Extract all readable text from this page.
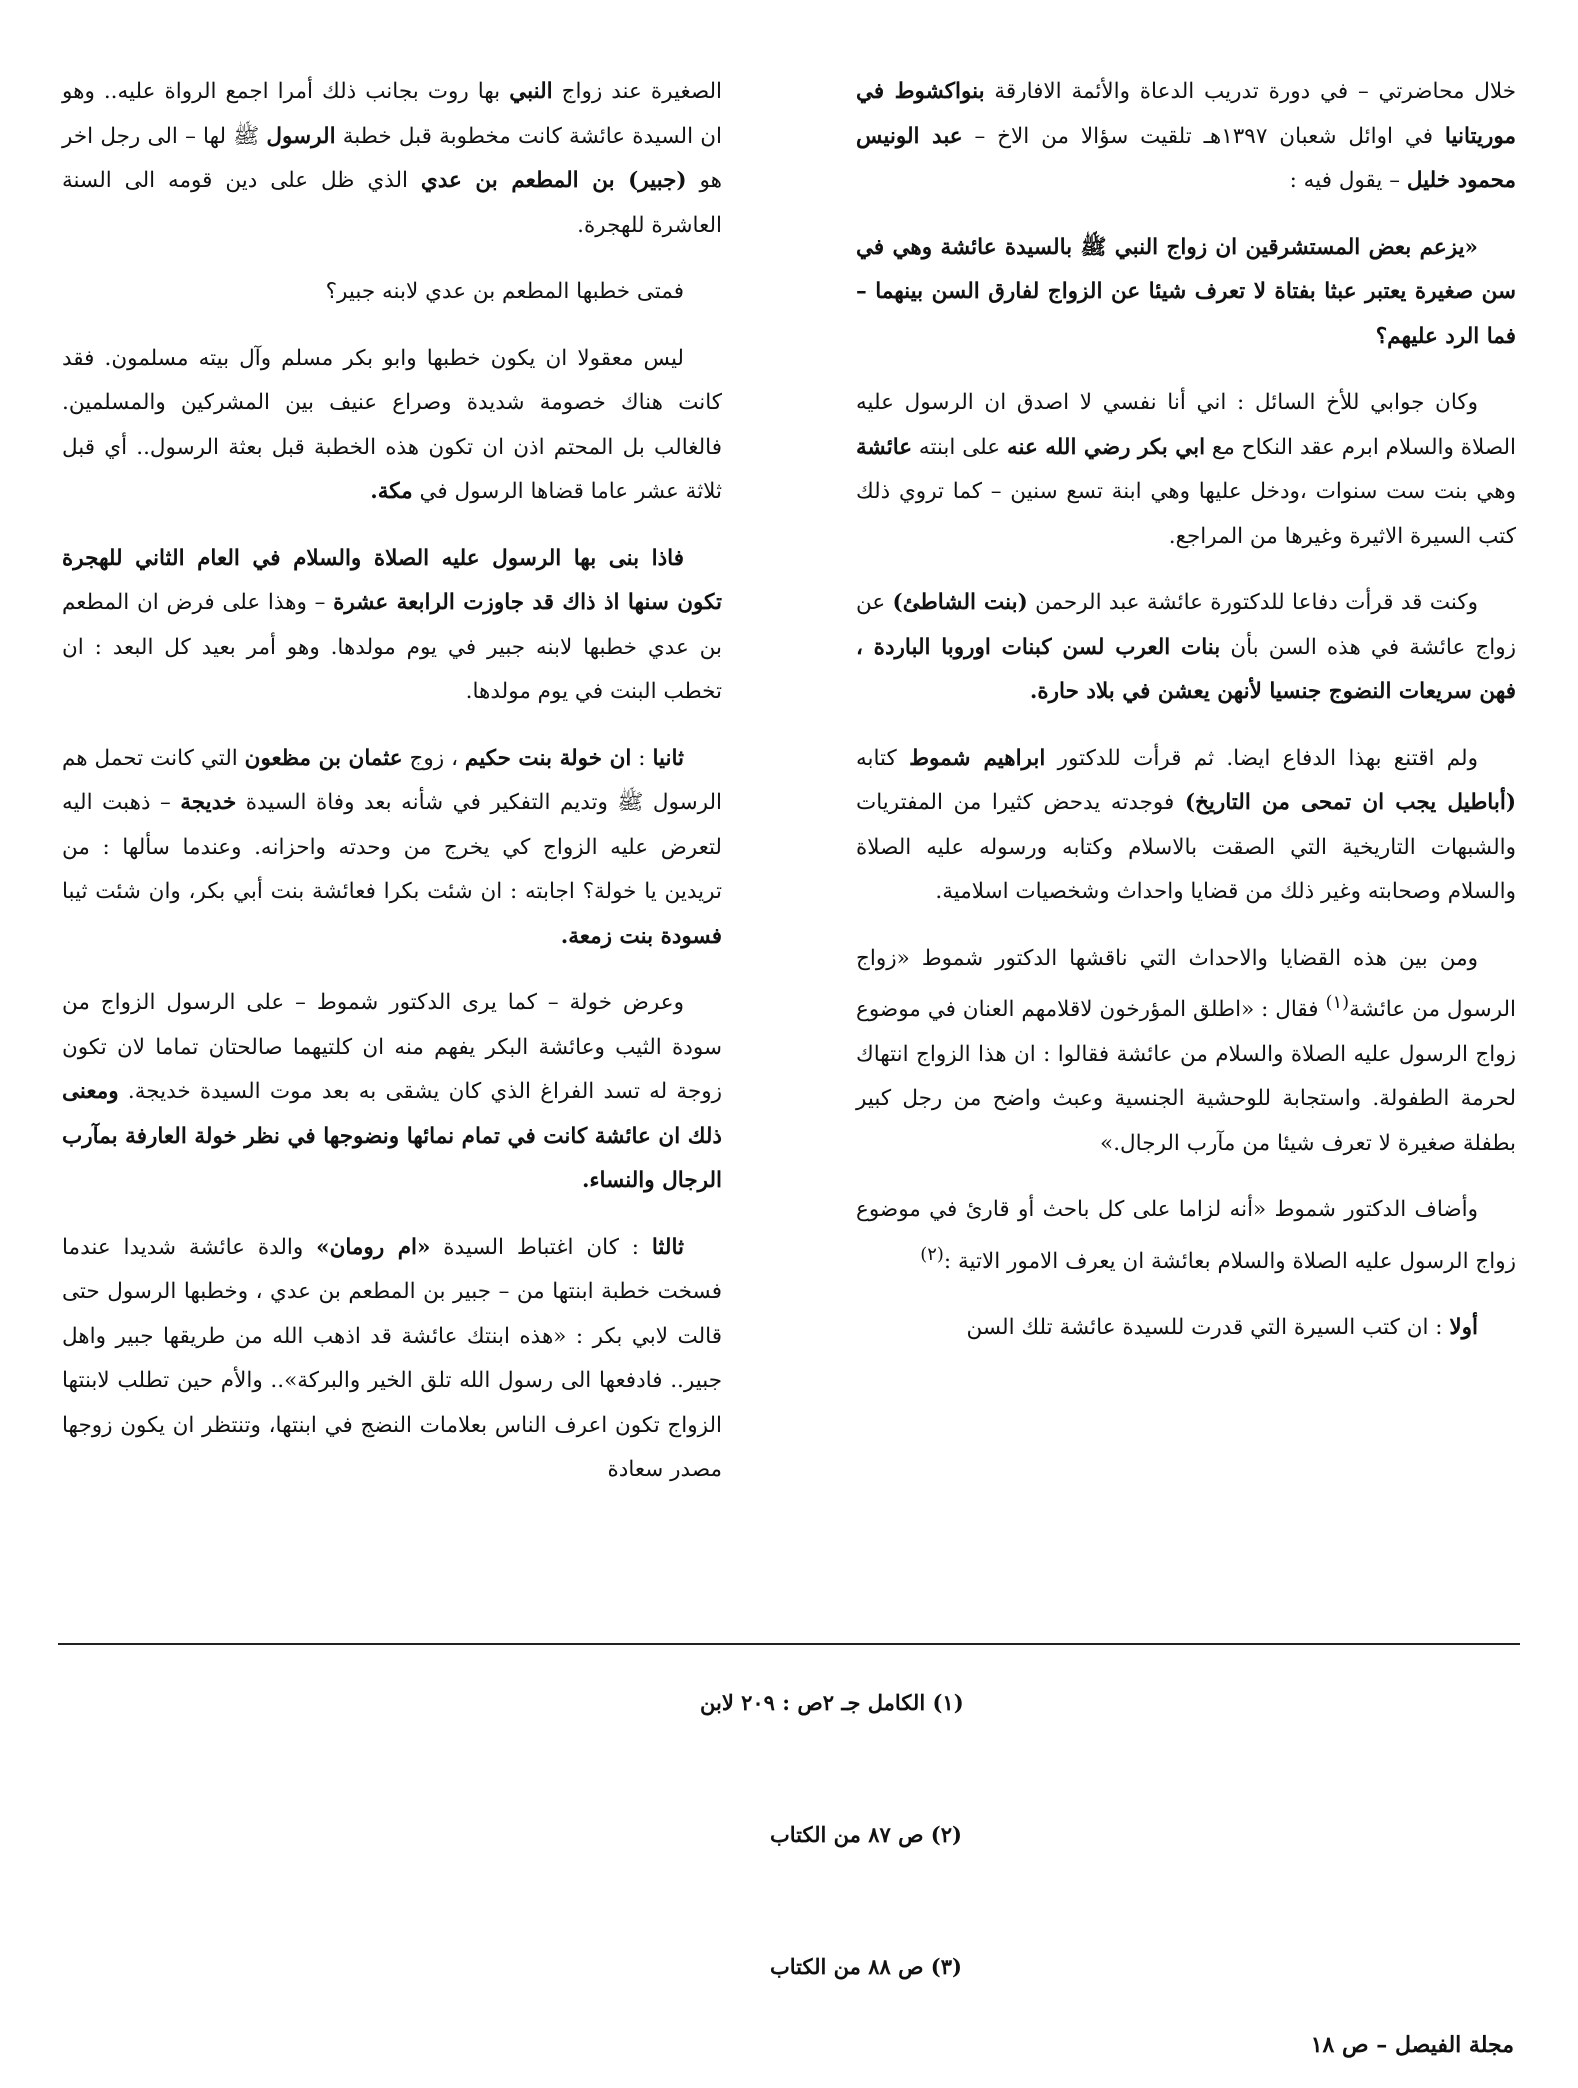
خلال محاضرتي – في دورة تدريب الدعاة والأئمة الافارقة بنواكشوط في موريتانيا في اوائل شعبان ١٣٩٧هـ تلقيت سؤالا من الاخ – عبد الونيس محمود خليل – يقول فيه :

«يزعم بعض المستشرقين ان زواج النبي ﷺ بالسيدة عائشة وهي في سن صغيرة يعتبر عبثا بفتاة لا تعرف شيئا عن الزواج لفارق السن بينهما – فما الرد عليهم؟

وكان جوابي للأخ السائل : اني أنا نفسي لا اصدق ان الرسول عليه الصلاة والسلام ابرم عقد النكاح مع ابي بكر رضي الله عنه على ابنته عائشة وهي بنت ست سنوات ،ودخل عليها وهي ابنة تسع سنين – كما تروي ذلك كتب السيرة الاثيرة وغيرها من المراجع.

وكنت قد قرأت دفاعا للدكتورة عائشة عبد الرحمن (بنت الشاطئ) عن زواج عائشة في هذه السن بأن بنات العرب لسن كبنات اوروبا الباردة ، فهن سريعات النضوج جنسيا لأنهن يعشن في بلاد حارة.

ولم اقتنع بهذا الدفاع ايضا. ثم قرأت للدكتور ابراهيم شموط كتابه (أباطيل يجب ان تمحى من التاريخ) فوجدته يدحض كثيرا من المفتريات والشبهات التاريخية التي الصقت بالاسلام وكتابه ورسوله عليه الصلاة والسلام وصحابته وغير ذلك من قضايا واحداث وشخصيات اسلامية.

ومن بين هذه القضايا والاحداث التي ناقشها الدكتور شموط «زواج الرسول من عائشة$^{(١)}$ فقال : «اطلق المؤرخون لاقلامهم العنان في موضوع زواج الرسول عليه الصلاة والسلام من عائشة فقالوا : ان هذا الزواج انتهاك لحرمة الطفولة. واستجابة للوحشية الجنسية وعبث واضح من رجل كبير بطفلة صغيرة لا تعرف شيئا من مآرب الرجال.»

وأضاف الدكتور شموط «أنه لزاما على كل باحث أو قارئ في موضوع زواج الرسول عليه الصلاة والسلام بعائشة ان يعرف الامور الاتية :$^{(٢)}$

أولا : ان كتب السيرة التي قدرت للسيدة عائشة تلك السن

الصغيرة عند زواج النبي بها روت بجانب ذلك أمرا اجمع الرواة عليه.. وهو ان السيدة عائشة كانت مخطوبة قبل خطبة الرسول ﷺ لها – الى رجل اخر هو (جبير) بن المطعم بن عدي الذي ظل على دين قومه الى السنة العاشرة للهجرة.

فمتى خطبها المطعم بن عدي لابنه جبير؟

ليس معقولا ان يكون خطبها وابو بكر مسلم وآل بيته مسلمون. فقد كانت هناك خصومة شديدة وصراع عنيف بين المشركين والمسلمين. فالغالب بل المحتم اذن ان تكون هذه الخطبة قبل بعثة الرسول.. أي قبل ثلاثة عشر عاما قضاها الرسول في مكة.

فاذا بنى بها الرسول عليه الصلاة والسلام في العام الثاني للهجرة تكون سنها اذ ذاك قد جاوزت الرابعة عشرة – وهذا على فرض ان المطعم بن عدي خطبها لابنه جبير في يوم مولدها. وهو أمر بعيد كل البعد : ان تخطب البنت في يوم مولدها.

ثانيا : ان خولة بنت حكيم ، زوج عثمان بن مظعون التي كانت تحمل هم الرسول ﷺ وتديم التفكير في شأنه بعد وفاة السيدة خديجة – ذهبت اليه لتعرض عليه الزواج كي يخرج من وحدته واحزانه. وعندما سألها : من تريدين يا خولة؟ اجابته : ان شئت بكرا فعائشة بنت أبي بكر، وان شئت ثيبا فسودة بنت زمعة.

وعرض خولة – كما يرى الدكتور شموط – على الرسول الزواج من سودة الثيب وعائشة البكر يفهم منه ان كلتيهما صالحتان تماما لان تكون زوجة له تسد الفراغ الذي كان يشقى به بعد موت السيدة خديجة. ومعنى ذلك ان عائشة كانت في تمام نمائها ونضوجها في نظر خولة العارفة بمآرب الرجال والنساء.

ثالثا : كان اغتباط السيدة «ام رومان» والدة عائشة شديدا عندما فسخت خطبة ابنتها من – جبير بن المطعم بن عدي ، وخطبها الرسول حتى قالت لابي بكر : «هذه ابنتك عائشة قد اذهب الله من طريقها جبير واهل جبير.. فادفعها الى رسول الله تلق الخير والبركة».. والأم حين تطلب لابنتها الزواج تكون اعرف الناس بعلامات النضج في ابنتها، وتنتظر ان يكون زوجها مصدر سعادة

(١) الكامل جـ ٢ص : ٢٠٩ لابن
(٢) ص ٨٧ من الكتاب
(٣) ص ٨٨ من الكتاب
مجلة الفيصل – ص ١٨
